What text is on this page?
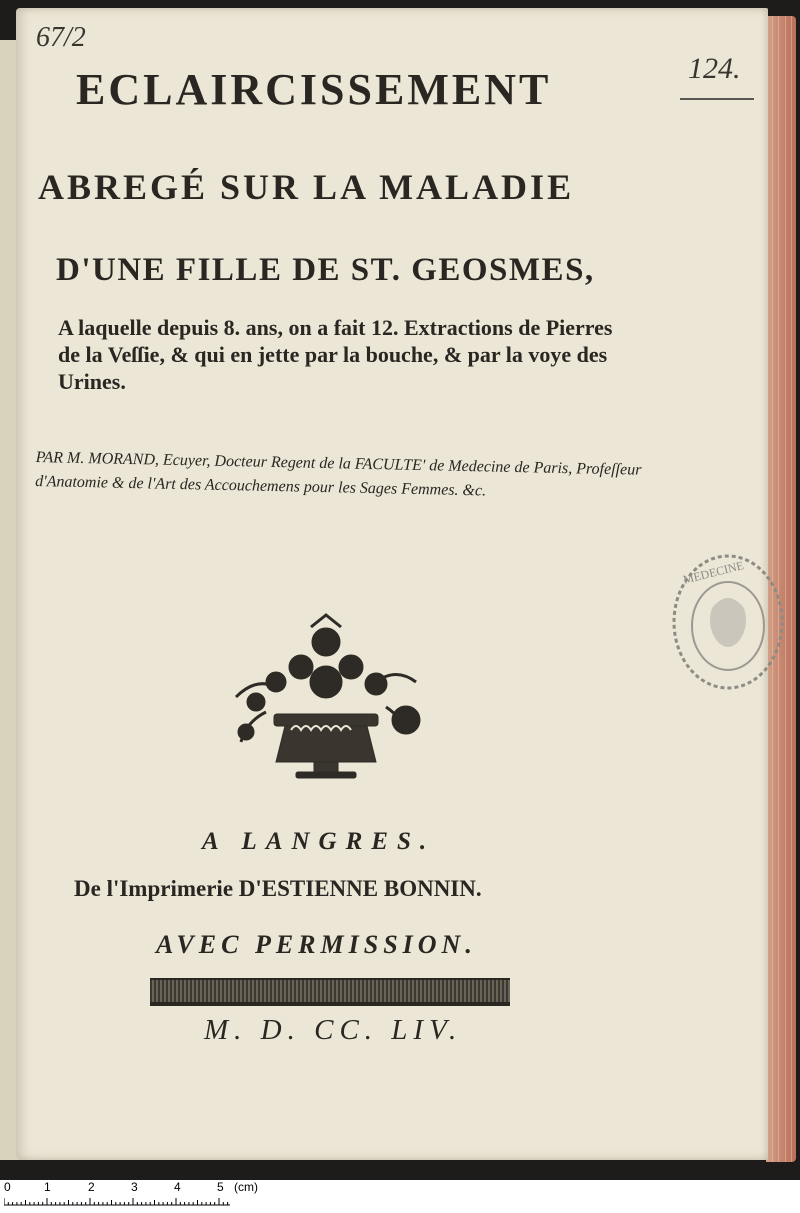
67/2
124.
ECLAIRCISSEMENT
ABREGÉ SUR LA MALADIE
D'UNE FILLE DE ST. GEOSMES,
A laquelle depuis 8. ans, on a fait 12. Extractions de Pierres de la Veſſie, & qui en jette par la bouche, & par la voye des Urines.
PAR M. MORAND, Ecuyer, Docteur Regent de la FACULTE' de Medecine de Paris, Profeſſeur d'Anatomie & de l'Art des Accouchemens pour les Sages Femmes. &c.
A LANGRES.
De l'Imprimerie D'ESTIENNE BONNIN.
AVEC PERMISSION.
M. D. CC. LIV.
MEDECINE
0	1	2	3	4	5 (cm)
